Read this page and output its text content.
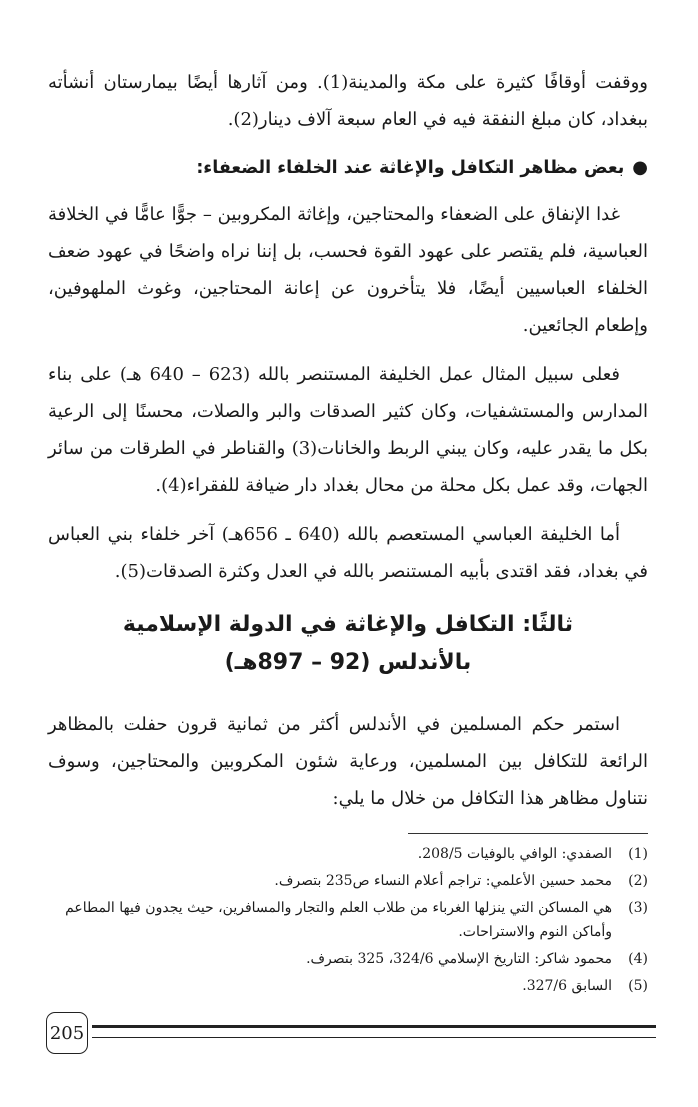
ووقفت أوقافًا كثيرة على مكة والمدينة(1). ومن آثارها أيضًا بيمارستان أنشأته ببغداد، كان مبلغ النفقة فيه في العام سبعة آلاف دينار(2).

●
بعض مظاهر التكافل والإغاثة عند الخلفاء الضعفاء:

غدا الإنفاق على الضعفاء والمحتاجين، وإغاثة المكروبين – جوًّا عامًّا في الخلافة العباسية، فلم يقتصر على عهود القوة فحسب، بل إننا نراه واضحًا في عهود ضعف الخلفاء العباسيين أيضًا، فلا يتأخرون عن إعانة المحتاجين، وغوث الملهوفين، وإطعام الجائعين.

فعلى سبيل المثال عمل الخليفة المستنصر بالله (623 – 640 هـ) على بناء المدارس والمستشفيات، وكان كثير الصدقات والبر والصلات، محسنًا إلى الرعية بكل ما يقدر عليه، وكان يبني الربط والخانات(3) والقناطر في الطرقات من سائر الجهات، وقد عمل بكل محلة من محال بغداد دار ضيافة للفقراء(4).

أما الخليفة العباسي المستعصم بالله (640 ـ 656هـ) آخر خلفاء بني العباس في بغداد، فقد اقتدى بأبيه المستنصر بالله في العدل وكثرة الصدقات(5).

ثالثًا: التكافل والإغاثة في الدولة الإسلامية
بالأندلس (92 – 897هـ)

استمر حكم المسلمين في الأندلس أكثر من ثمانية قرون حفلت بالمظاهر الرائعة للتكافل بين المسلمين، ورعاية شئون المكروبين والمحتاجين، وسوف نتناول مظاهر هذا التكافل من خلال ما يلي:

(1)
الصفدي: الوافي بالوفيات 208/5.
(2)
محمد حسين الأعلمي: تراجم أعلام النساء ص235 بتصرف.
(3)
هي المساكن التي ينزلها الغرباء من طلاب العلم والتجار والمسافرين، حيث يجدون فيها المطاعم وأماكن النوم والاستراحات.
(4)
محمود شاكر: التاريخ الإسلامي 324/6، 325 بتصرف.
(5)
السابق 327/6.
205
